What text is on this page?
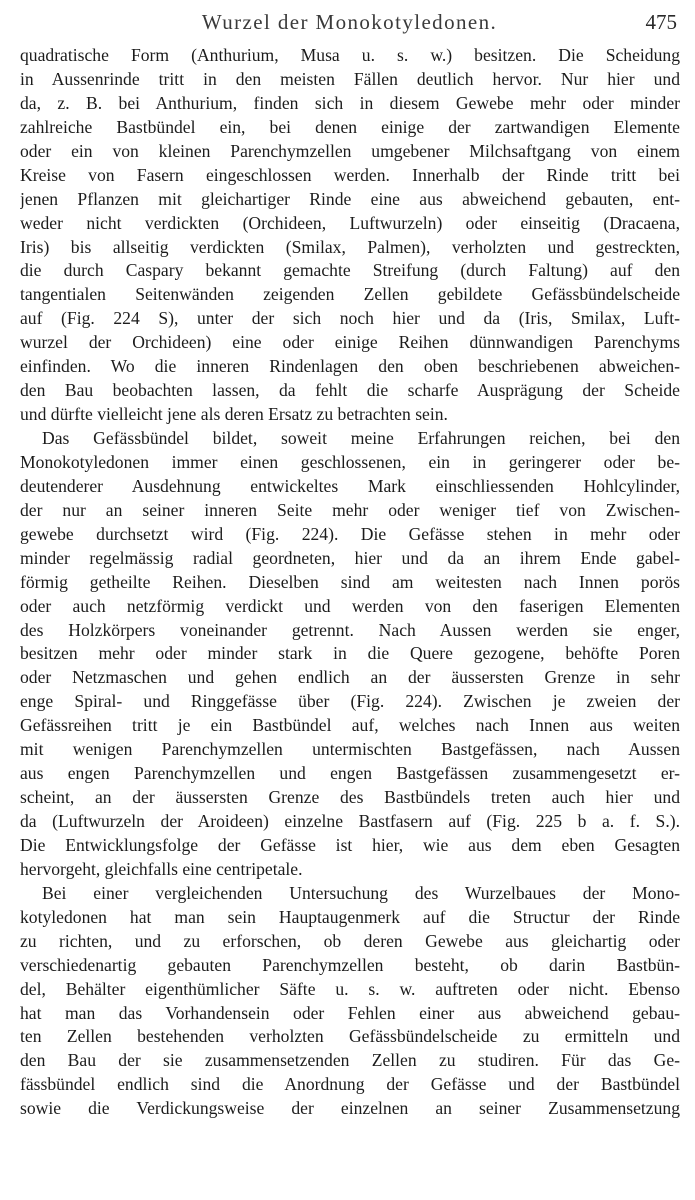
Wurzel der Monokotyledonen.	475
quadratische Form (Anthurium, Musa u. s. w.) besitzen. Die Scheidung
in Aussenrinde tritt in den meisten Fällen deutlich hervor. Nur hier und
da, z. B. bei Anthurium, finden sich in diesem Gewebe mehr oder minder
zahlreiche Bastbündel ein, bei denen einige der zartwandigen Elemente
oder ein von kleinen Parenchymzellen umgebener Milchsaftgang von einem
Kreise von Fasern eingeschlossen werden. Innerhalb der Rinde tritt bei
jenen Pflanzen mit gleichartiger Rinde eine aus abweichend gebauten, ent-
weder nicht verdickten (Orchideen, Luftwurzeln) oder einseitig (Dracaena,
Iris) bis allseitig verdickten (Smilax, Palmen), verholzten und gestreckten,
die durch Caspary bekannt gemachte Streifung (durch Faltung) auf den
tangentialen Seitenwänden zeigenden Zellen gebildete Gefässbündelscheide
auf (Fig. 224 S), unter der sich noch hier und da (Iris, Smilax, Luft-
wurzel der Orchideen) eine oder einige Reihen dünnwandigen Parenchyms
einfinden. Wo die inneren Rindenlagen den oben beschriebenen abweichen-
den Bau beobachten lassen, da fehlt die scharfe Ausprägung der Scheide
und dürfte vielleicht jene als deren Ersatz zu betrachten sein.
Das Gefässbündel bildet, soweit meine Erfahrungen reichen, bei den
Monokotyledonen immer einen geschlossenen, ein in geringerer oder be-
deutenderer Ausdehnung entwickeltes Mark einschliessenden Hohlcylinder,
der nur an seiner inneren Seite mehr oder weniger tief von Zwischen-
gewebe durchsetzt wird (Fig. 224). Die Gefässe stehen in mehr oder
minder regelmässig radial geordneten, hier und da an ihrem Ende gabel-
förmig getheilte Reihen. Dieselben sind am weitesten nach Innen porös
oder auch netzförmig verdickt und werden von den faserigen Elementen
des Holzkörpers voneinander getrennt. Nach Aussen werden sie enger,
besitzen mehr oder minder stark in die Quere gezogene, behöfte Poren
oder Netzmaschen und gehen endlich an der äussersten Grenze in sehr
enge Spiral- und Ringgefässe über (Fig. 224). Zwischen je zweien der
Gefässreihen tritt je ein Bastbündel auf, welches nach Innen aus weiten
mit wenigen Parenchymzellen untermischten Bastgefässen, nach Aussen
aus engen Parenchymzellen und engen Bastgefässen zusammengesetzt er-
scheint, an der äussersten Grenze des Bastbündels treten auch hier und
da (Luftwurzeln der Aroideen) einzelne Bastfasern auf (Fig. 225 b a. f. S.).
Die Entwicklungsfolge der Gefässe ist hier, wie aus dem eben Gesagten
hervorgeht, gleichfalls eine centripetale.
Bei einer vergleichenden Untersuchung des Wurzelbaues der Mono-
kotyledonen hat man sein Hauptaugenmerk auf die Structur der Rinde
zu richten, und zu erforschen, ob deren Gewebe aus gleichartig oder
verschiedenartig gebauten Parenchymzellen besteht, ob darin Bastbün-
del, Behälter eigenthümlicher Säfte u. s. w. auftreten oder nicht. Ebenso
hat man das Vorhandensein oder Fehlen einer aus abweichend gebau-
ten Zellen bestehenden verholzten Gefässbündelscheide zu ermitteln und
den Bau der sie zusammensetzenden Zellen zu studiren. Für das Ge-
fässbündel endlich sind die Anordnung der Gefässe und der Bastbündel
sowie die Verdickungsweise der einzelnen an seiner Zusammensetzung
